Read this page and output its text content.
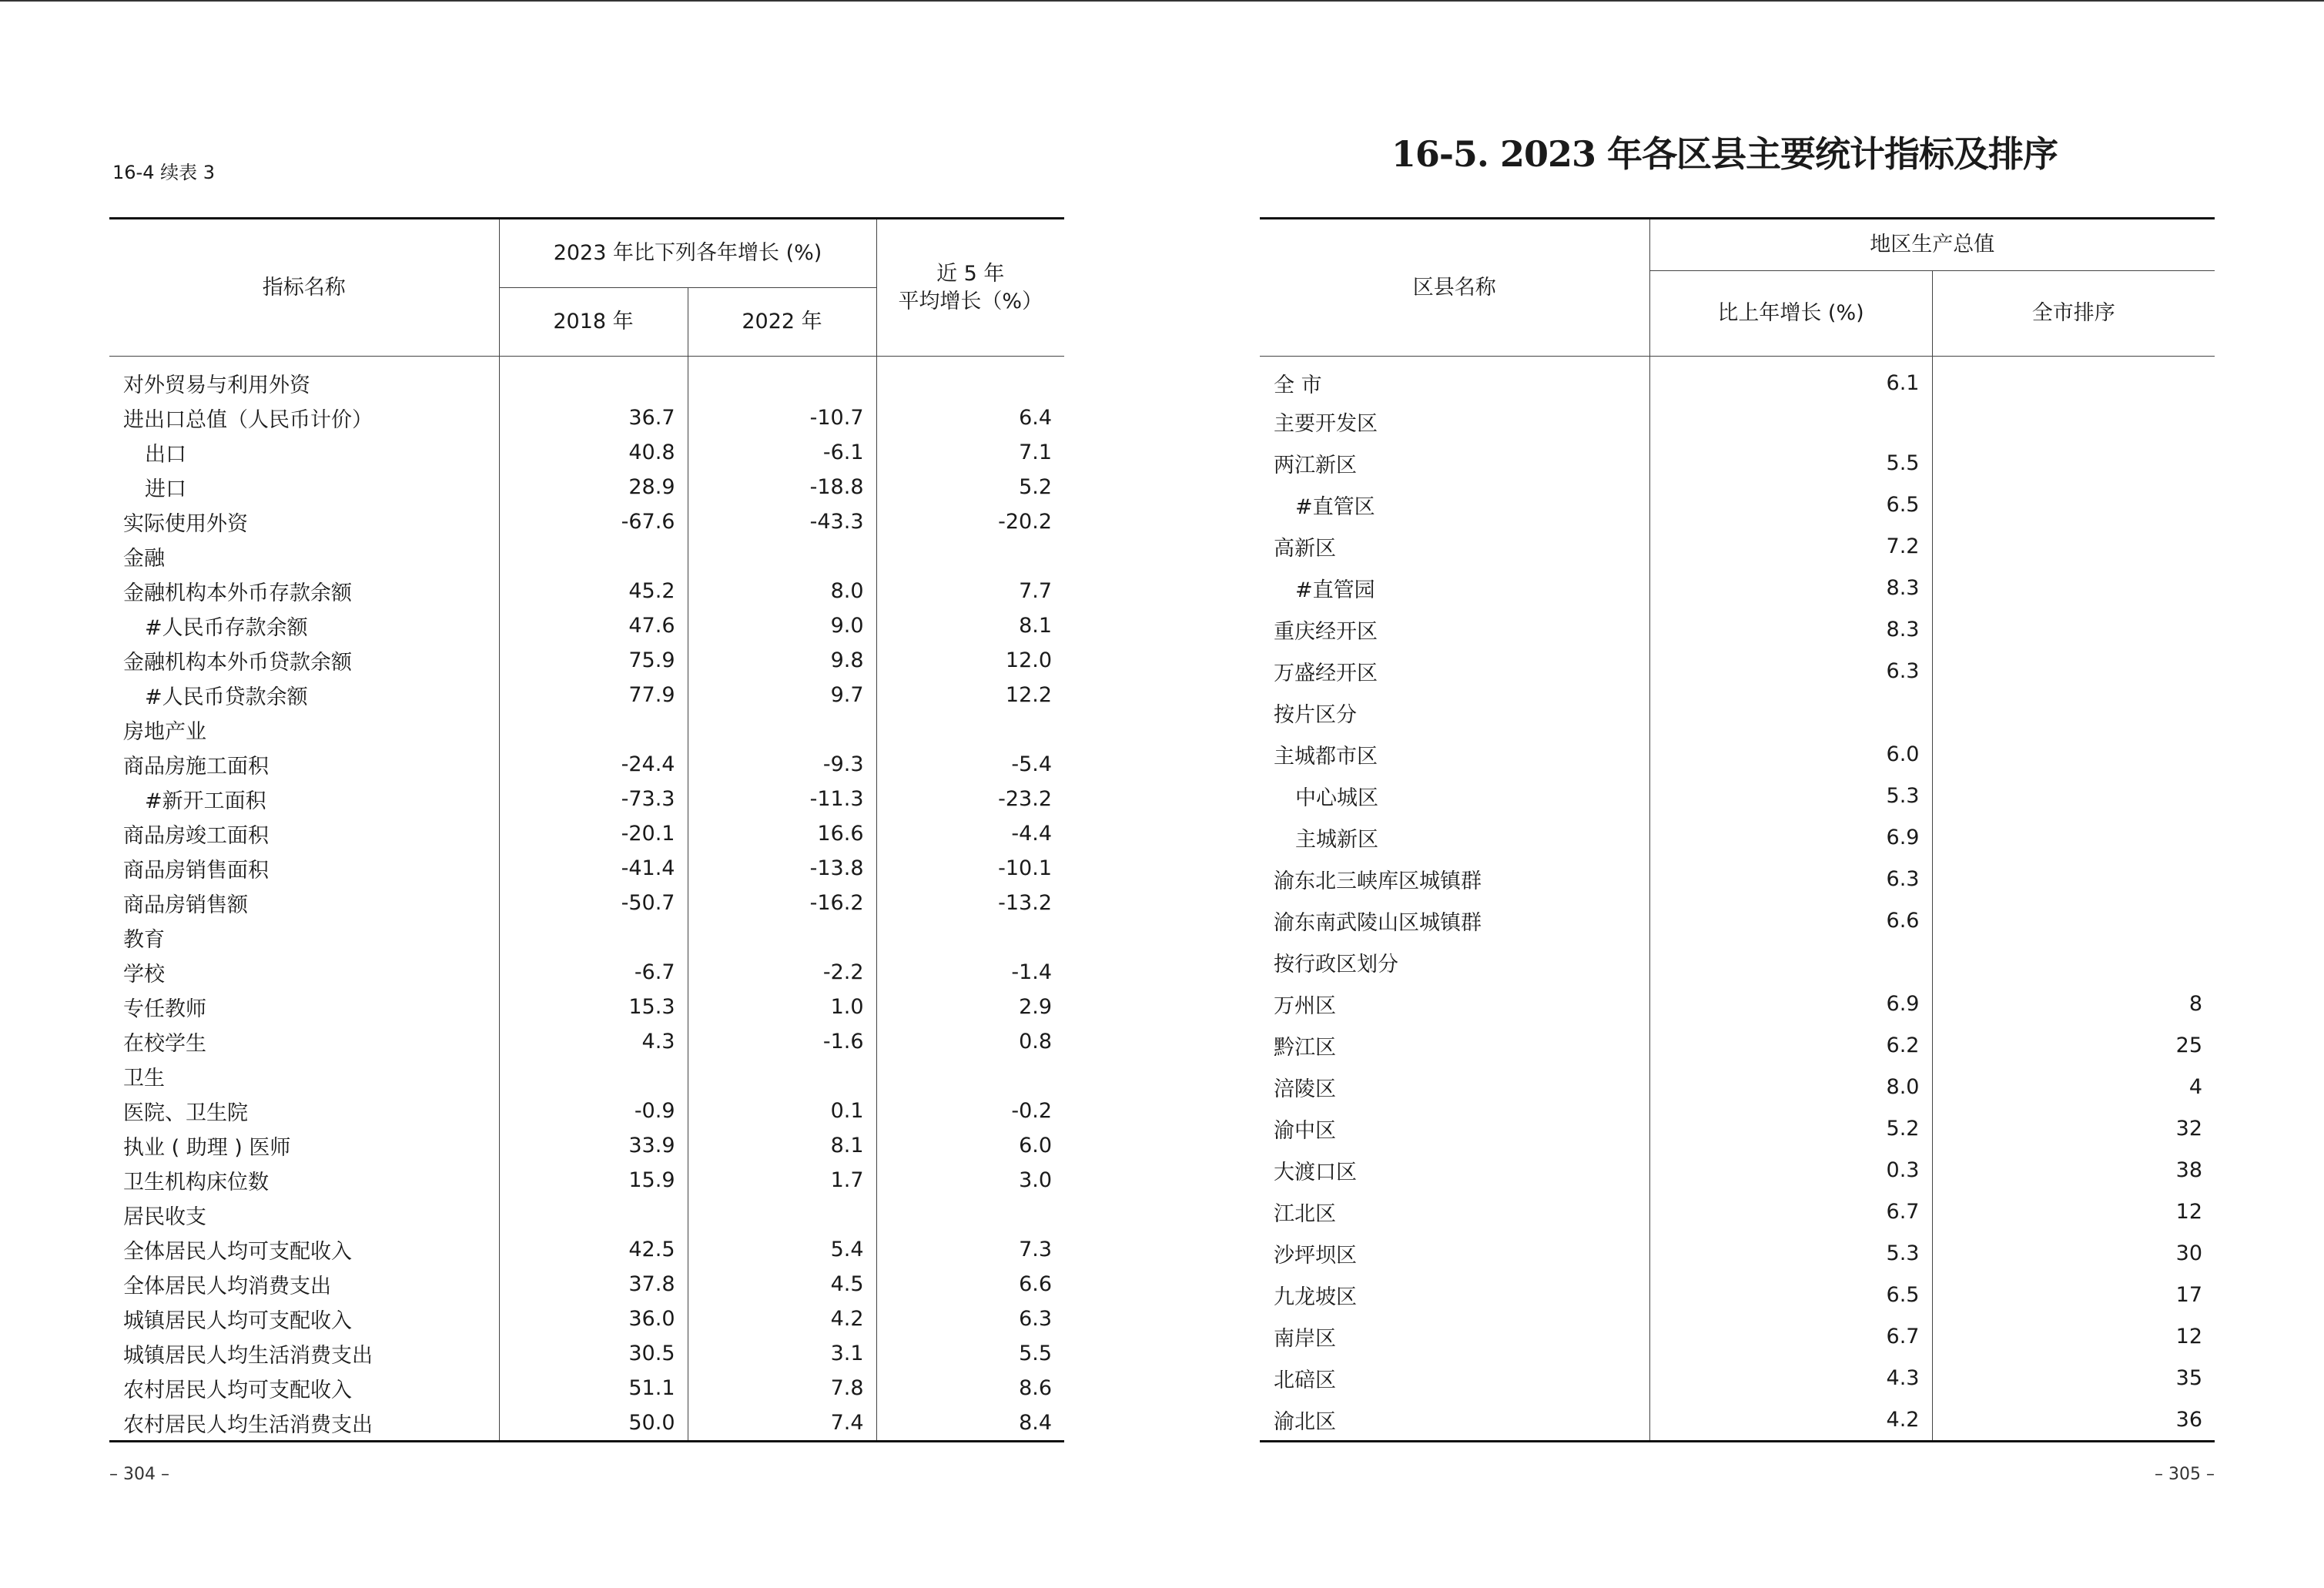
16-4 续表 3
指标名称	2023 年比下列各年增长 (%)		近 5 年
平均增长（%）

	2018 年	2022 年	

对外贸易与利用外资			
进出口总值（人民币计价）	36.7	-10.7	6.4
出口	40.8	-6.1	7.1
进口	28.9	-18.8	5.2
实际使用外资	-67.6	-43.3	-20.2
金融			
金融机构本外币存款余额	45.2	8.0	7.7
#人民币存款余额	47.6	9.0	8.1
金融机构本外币贷款余额	75.9	9.8	12.0
#人民币贷款余额	77.9	9.7	12.2
房地产业			
商品房施工面积	-24.4	-9.3	-5.4
#新开工面积	-73.3	-11.3	-23.2
商品房竣工面积	-20.1	16.6	-4.4
商品房销售面积	-41.4	-13.8	-10.1
商品房销售额	-50.7	-16.2	-13.2
教育			
学校	-6.7	-2.2	-1.4
专任教师	15.3	1.0	2.9
在校学生	4.3	-1.6	0.8
卫生			
医院、卫生院	-0.9	0.1	-0.2
执业 ( 助理 ) 医师	33.9	8.1	6.0
卫生机构床位数	15.9	1.7	3.0
居民收支			
全体居民人均可支配收入	42.5	5.4	7.3
全体居民人均消费支出	37.8	4.5	6.6
城镇居民人均可支配收入	36.0	4.2	6.3
城镇居民人均生活消费支出	30.5	3.1	5.5
农村居民人均可支配收入	51.1	7.8	8.6
农村居民人均生活消费支出	50.0	7.4	8.4
– 304 –
16-5. 2023 年各区县主要统计指标及排序
区县名称	地区生产总值	
	比上年增长 (%)	全市排序

全 市	6.1	
主要开发区		
两江新区	5.5	
#直管区	6.5	
高新区	7.2	
#直管园	8.3	
重庆经开区	8.3	
万盛经开区	6.3	
按片区分		
主城都市区	6.0	
中心城区	5.3	
主城新区	6.9	
渝东北三峡库区城镇群	6.3	
渝东南武陵山区城镇群	6.6	
按行政区划分		
万州区	6.9	8
黔江区	6.2	25
涪陵区	8.0	4
渝中区	5.2	32
大渡口区	0.3	38
江北区	6.7	12
沙坪坝区	5.3	30
九龙坡区	6.5	17
南岸区	6.7	12
北碚区	4.3	35
渝北区	4.2	36
– 305 –
